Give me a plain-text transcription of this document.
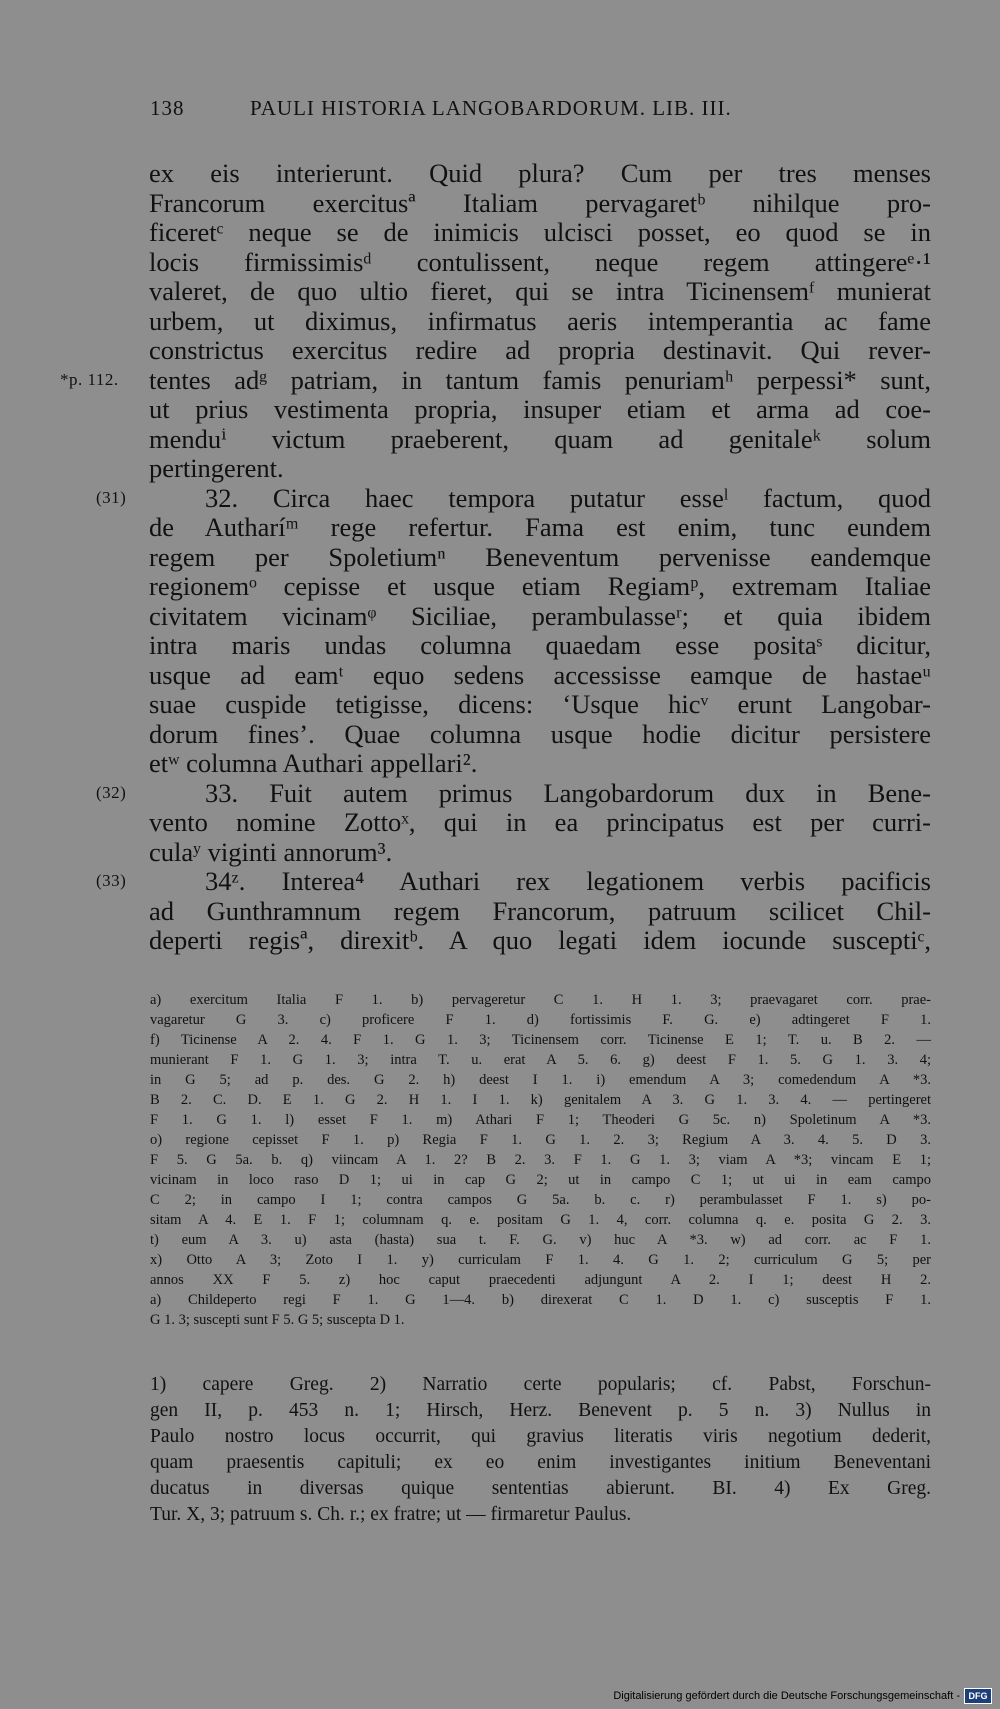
138	PAULI HISTORIA LANGOBARDORUM. LIB. III.
ex eis interierunt. Quid plura? Cum per tres menses
Francorum exercitusª Italiam pervagaretᵇ nihilque pro-
ficeretᶜ neque se de inimicis ulcisci posset, eo quod se in
locis firmissimisᵈ contulissent, neque regem attingereᵉ·¹
valeret, de quo ultio fieret, qui se intra Ticinensemᶠ munierat
urbem, ut diximus, infirmatus aeris intemperantia ac fame
constrictus exercitus redire ad propria destinavit. Qui rever-
tentes adᵍ patriam, in tantum famis penuriamʰ perpessi* sunt,
ut prius vestimenta propria, insuper etiam et arma ad coe-
menduⁱ victum praeberent, quam ad genitaleᵏ solum
pertingerent.
32. Circa haec tempora putatur esseˡ factum, quod
de Autharíᵐ rege refertur. Fama est enim, tunc eundem
regem per Spoletiumⁿ Beneventum pervenisse eandemque
regionemᵒ cepisse et usque etiam Regiamᵖ, extremam Italiae
civitatem vicinamᵠ Siciliae, perambulasseʳ; et quia ibidem
intra maris undas columna quaedam esse positaˢ dicitur,
usque ad eamᵗ equo sedens accessisse eamque de hastaeᵘ
suae cuspide tetigisse, dicens: ‘Usque hicᵛ erunt Langobar-
dorum fines’. Quae columna usque hodie dicitur persistere
etʷ columna Authari appellari².
33. Fuit autem primus Langobardorum dux in Bene-
vento nomine Zottoˣ, qui in ea principatus est per curri-
culaʸ viginti annorum³.
34ᶻ. Interea⁴ Authari rex legationem verbis pacificis
ad Gunthramnum regem Francorum, patruum scilicet Chil-
deperti regisª, direxitᵇ. A quo legati idem iocunde susceptiᶜ,
*p. 112.
(31)
(32)
(33)
a) exercitum Italia F 1. b) pervageretur C 1. H 1. 3; praevagaret corr. prae-
vagaretur G 3. c) proficere F 1. d) fortissimis F. G. e) adtingeret F 1.
f) Ticinense A 2. 4. F 1. G 1. 3; Ticinensem corr. Ticinense E 1; T. u. B 2. —
munierant F 1. G 1. 3; intra T. u. erat A 5. 6. g) deest F 1. 5. G 1. 3. 4;
in G 5; ad p. des. G 2. h) deest I 1. i) emendum A 3; comedendum A *3.
B 2. C. D. E 1. G 2. H 1. I 1. k) genitalem A 3. G 1. 3. 4. — pertingeret
F 1. G 1. l) esset F 1. m) Athari F 1; Theoderi G 5c. n) Spoletinum A *3.
o) regione cepisset F 1. p) Regia F 1. G 1. 2. 3; Regium A 3. 4. 5. D 3.
F 5. G 5a. b. q) viincam A 1. 2? B 2. 3. F 1. G 1. 3; viam A *3; vincam E 1;
vicinam in loco raso D 1; ui in cap G 2; ut in campo C 1; ut ui in eam campo
C 2; in campo I 1; contra campos G 5a. b. c. r) perambulasset F 1. s) po-
sitam A 4. E 1. F 1; columnam q. e. positam G 1. 4, corr. columna q. e. posita G 2. 3.
t) eum A 3. u) asta (hasta) sua t. F. G. v) huc A *3. w) ad corr. ac F 1.
x) Otto A 3; Zoto I 1. y) curriculam F 1. 4. G 1. 2; curriculum G 5; per
annos XX F 5. z) hoc caput praecedenti adjungunt A 2. I 1; deest H 2.
a) Childeperto regi F 1. G 1—4. b) direxerat C 1. D 1. c) susceptis F 1.
G 1. 3; suscepti sunt F 5. G 5; suscepta D 1.
1) capere Greg. 2) Narratio certe popularis; cf. Pabst, Forschun-
gen II, p. 453 n. 1; Hirsch, Herz. Benevent p. 5 n. 3) Nullus in
Paulo nostro locus occurrit, qui gravius literatis viris negotium dederit,
quam praesentis capituli; ex eo enim investigantes initium Beneventani
ducatus in diversas quique sententias abierunt. BI. 4) Ex Greg.
Tur. X, 3; patruum s. Ch. r.; ex fratre; ut — firmaretur Paulus.
Digitalisierung gefördert durch die Deutsche Forschungsgemeinschaft - DFG
